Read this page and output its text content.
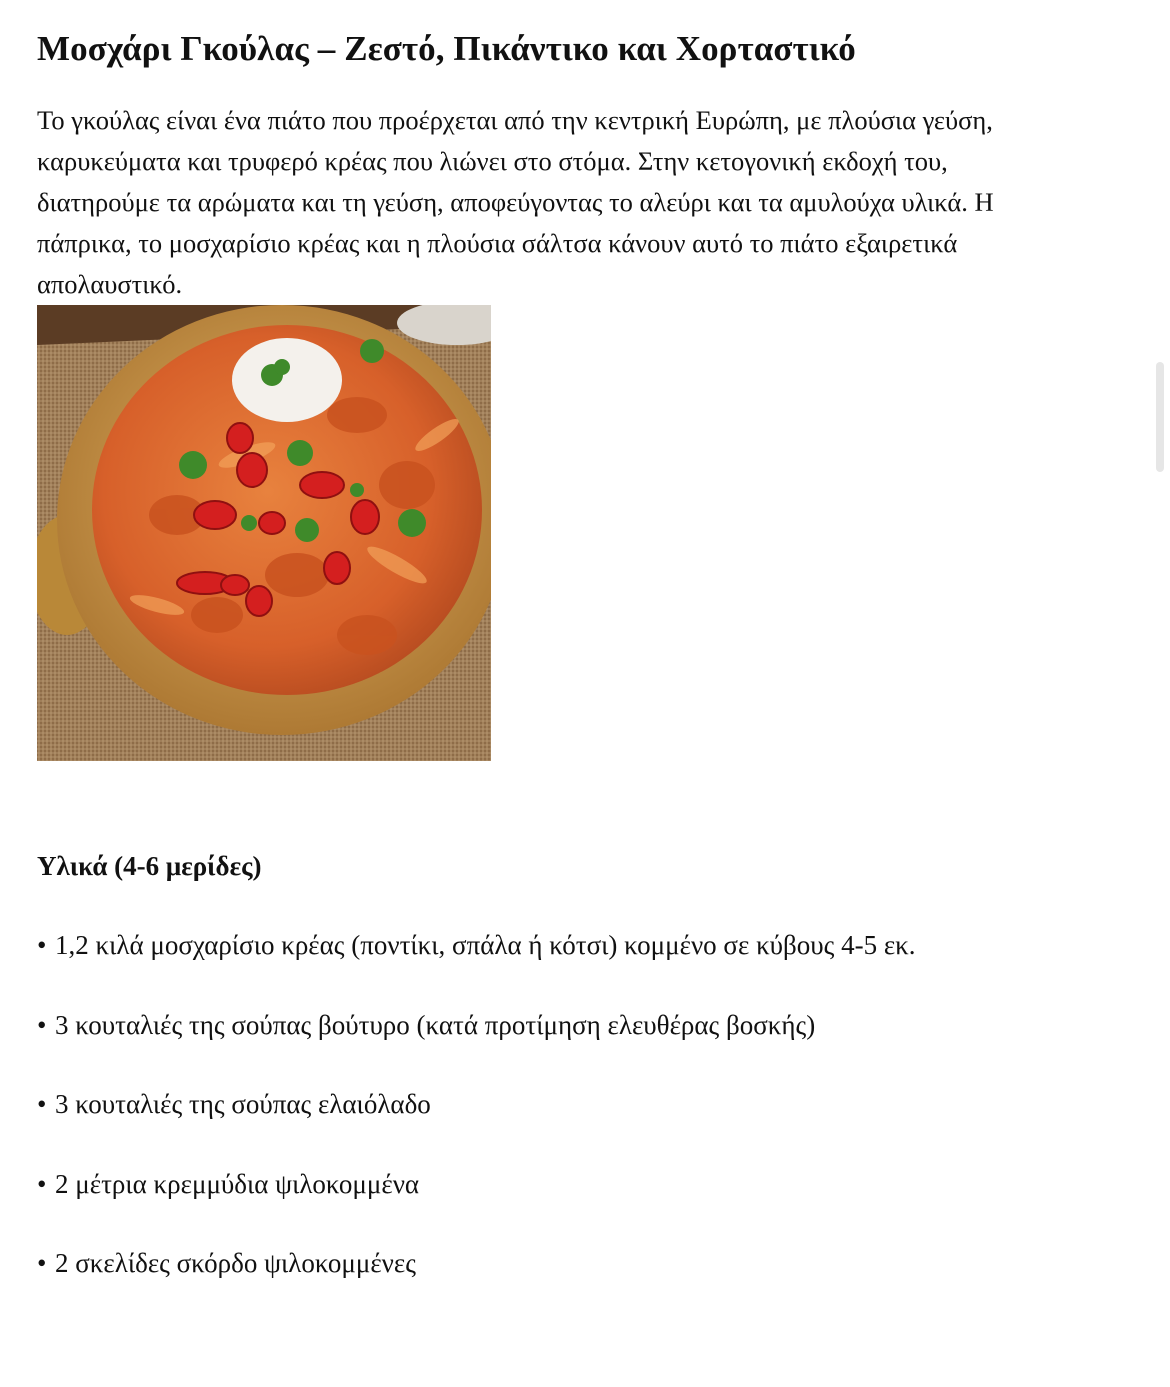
Μοσχάρι Γκούλας – Ζεστό, Πικάντικο και Χορταστικό

Το γκούλας είναι ένα πιάτο που προέρχεται από την κεντρική Ευρώπη, με πλούσια γεύση,
καρυκεύματα και τρυφερό κρέας που λιώνει στο στόμα. Στην κετογονική εκδοχή του,
διατηρούμε τα αρώματα και τη γεύση, αποφεύγοντας το αλεύρι και τα αμυλούχα υλικά. Η
πάπρικα, το μοσχαρίσιο κρέας και η πλούσια σάλτσα κάνουν αυτό το πιάτο εξαιρετικά
απολαυστικό.

Υλικά (4-6 μερίδες)
• 1,2 κιλά μοσχαρίσιο κρέας (ποντίκι, σπάλα ή κότσι) κομμένο σε κύβους 4-5 εκ.
• 3 κουταλιές της σούπας βούτυρο (κατά προτίμηση ελευθέρας βοσκής)
• 3 κουταλιές της σούπας ελαιόλαδο
• 2 μέτρια κρεμμύδια ψιλοκομμένα
• 2 σκελίδες σκόρδο ψιλοκομμένες
